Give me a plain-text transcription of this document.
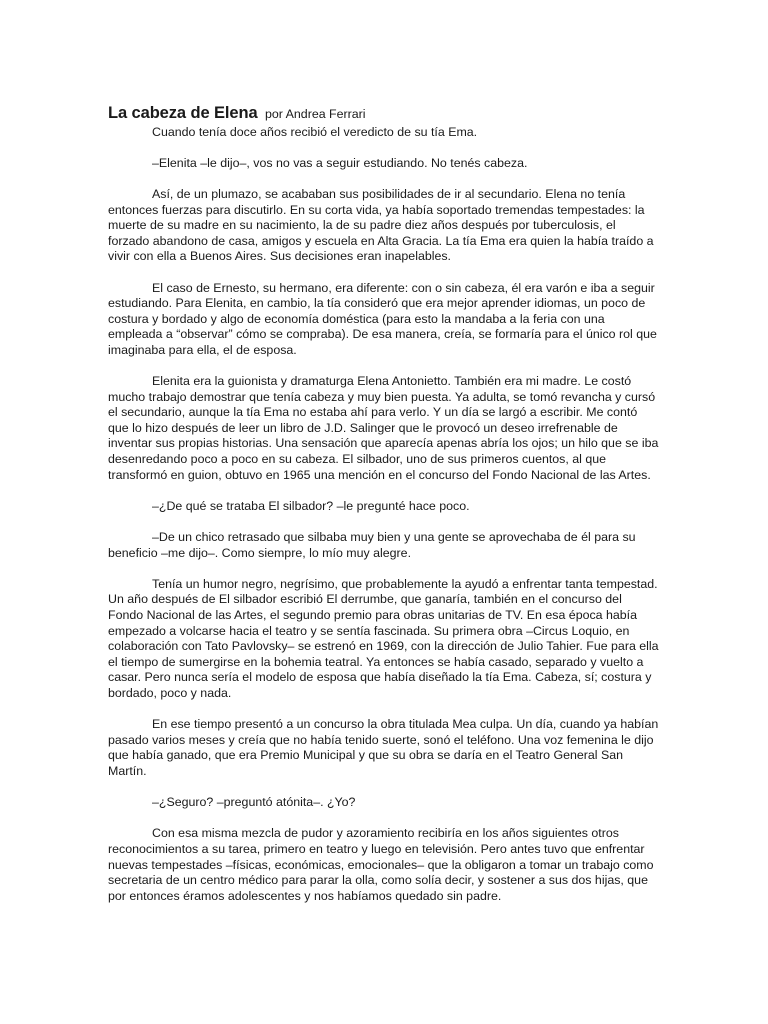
La cabeza de Elena por Andrea Ferrari

Cuando tenía doce años recibió el veredicto de su tía Ema.

–Elenita –le dijo–, vos no vas a seguir estudiando. No tenés cabeza.

Así, de un plumazo, se acababan sus posibilidades de ir al secundario. Elena no tenía entonces fuerzas para discutirlo. En su corta vida, ya había soportado tremendas tempestades: la muerte de su madre en su nacimiento, la de su padre diez años después por tuberculosis, el forzado abandono de casa, amigos y escuela en Alta Gracia. La tía Ema era quien la había traído a vivir con ella a Buenos Aires. Sus decisiones eran inapelables.

El caso de Ernesto, su hermano, era diferente: con o sin cabeza, él era varón e iba a seguir estudiando. Para Elenita, en cambio, la tía consideró que era mejor aprender idiomas, un poco de costura y bordado y algo de economía doméstica (para esto la mandaba a la feria con una empleada a “observar” cómo se compraba). De esa manera, creía, se formaría para el único rol que imaginaba para ella, el de esposa.

Elenita era la guionista y dramaturga Elena Antonietto. También era mi madre. Le costó mucho trabajo demostrar que tenía cabeza y muy bien puesta. Ya adulta, se tomó revancha y cursó el secundario, aunque la tía Ema no estaba ahí para verlo. Y un día se largó a escribir. Me contó que lo hizo después de leer un libro de J.D. Salinger que le provocó un deseo irrefrenable de inventar sus propias historias. Una sensación que aparecía apenas abría los ojos; un hilo que se iba desenredando poco a poco en su cabeza. El silbador, uno de sus primeros cuentos, al que transformó en guion, obtuvo en 1965 una mención en el concurso del Fondo Nacional de las Artes.

–¿De qué se trataba El silbador? –le pregunté hace poco.

–De un chico retrasado que silbaba muy bien y una gente se aprovechaba de él para su beneficio –me dijo–. Como siempre, lo mío muy alegre.

Tenía un humor negro, negrísimo, que probablemente la ayudó a enfrentar tanta tempestad. Un año después de El silbador escribió El derrumbe, que ganaría, también en el concurso del Fondo Nacional de las Artes, el segundo premio para obras unitarias de TV. En esa época había empezado a volcarse hacia el teatro y se sentía fascinada. Su primera obra –Circus Loquio, en colaboración con Tato Pavlovsky– se estrenó en 1969, con la dirección de Julio Tahier. Fue para ella el tiempo de sumergirse en la bohemia teatral. Ya entonces se había casado, separado y vuelto a casar. Pero nunca sería el modelo de esposa que había diseñado la tía Ema. Cabeza, sí; costura y bordado, poco y nada.

En ese tiempo presentó a un concurso la obra titulada Mea culpa. Un día, cuando ya habían pasado varios meses y creía que no había tenido suerte, sonó el teléfono. Una voz femenina le dijo que había ganado, que era Premio Municipal y que su obra se daría en el Teatro General San Martín.

–¿Seguro? –preguntó atónita–. ¿Yo?

Con esa misma mezcla de pudor y azoramiento recibiría en los años siguientes otros reconocimientos a su tarea, primero en teatro y luego en televisión. Pero antes tuvo que enfrentar nuevas tempestades –físicas, económicas, emocionales– que la obligaron a tomar un trabajo como secretaria de un centro médico para parar la olla, como solía decir, y sostener a sus dos hijas, que por entonces éramos adolescentes y nos habíamos quedado sin padre.
